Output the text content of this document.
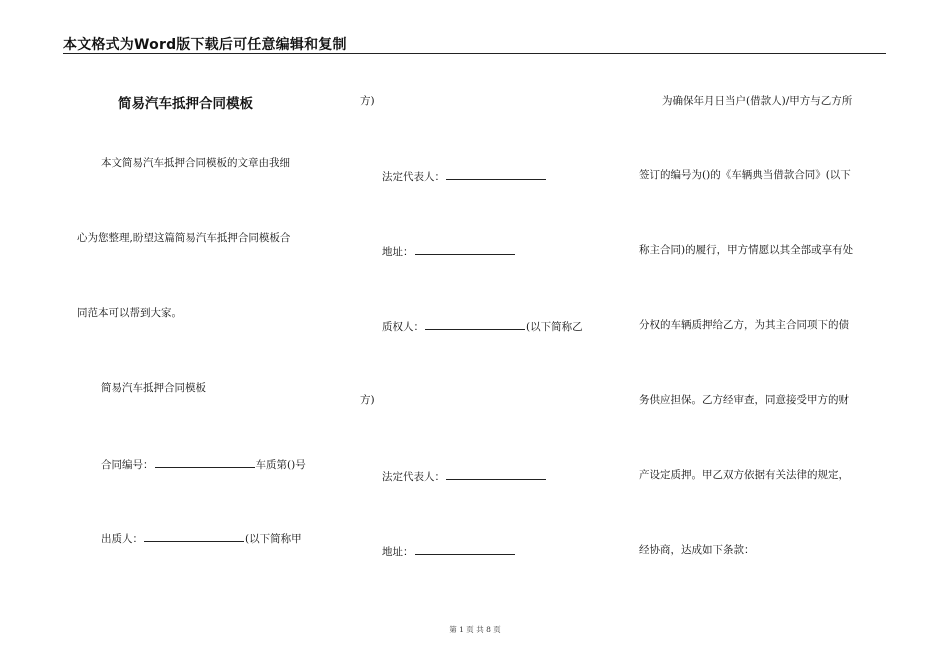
本文格式为Word版下载后可任意编辑和复制
简易汽车抵押合同模板
本文简易汽车抵押合同模板的文章由我细
心为您整理,盼望这篇简易汽车抵押合同模板合
同范本可以帮到大家。
简易汽车抵押合同模板
合同编号：	车质第()号
出质人：	(以下简称甲
方)
法定代表人：
地址：
质权人：	(以下简称乙
方)
法定代表人：
地址：
为确保年月日当户(借款人)/甲方与乙方所
签订的编号为()的《车辆典当借款合同》(以下
称主合同)的履行，甲方情愿以其全部或享有处
分权的车辆质押给乙方，为其主合同项下的债
务供应担保。乙方经审查，同意接受甲方的财
产设定质押。甲乙双方依据有关法律的规定，
经协商，达成如下条款：
第 1 页 共 8 页
